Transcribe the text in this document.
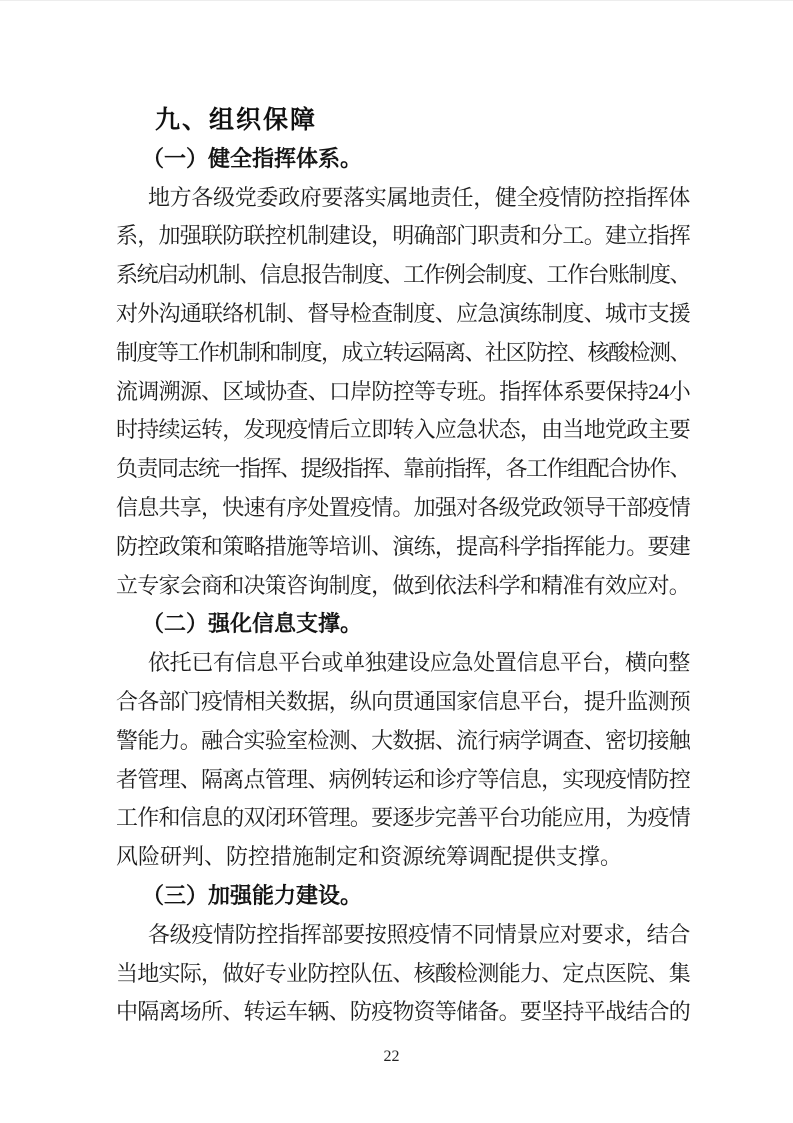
九、组织保障
（一）健全指挥体系。
地方各级党委政府要落实属地责任，健全疫情防控指挥体
系，加强联防联控机制建设，明确部门职责和分工。建立指挥
系统启动机制、信息报告制度、工作例会制度、工作台账制度、
对外沟通联络机制、督导检查制度、应急演练制度、城市支援
制度等工作机制和制度，成立转运隔离、社区防控、核酸检测、
流调溯源、区域协查、口岸防控等专班。指挥体系要保持24小
时持续运转，发现疫情后立即转入应急状态，由当地党政主要
负责同志统一指挥、提级指挥、靠前指挥，各工作组配合协作、
信息共享，快速有序处置疫情。加强对各级党政领导干部疫情
防控政策和策略措施等培训、演练，提高科学指挥能力。要建
立专家会商和决策咨询制度，做到依法科学和精准有效应对。
（二）强化信息支撑。
依托已有信息平台或单独建设应急处置信息平台，横向整
合各部门疫情相关数据，纵向贯通国家信息平台，提升监测预
警能力。融合实验室检测、大数据、流行病学调查、密切接触
者管理、隔离点管理、病例转运和诊疗等信息，实现疫情防控
工作和信息的双闭环管理。要逐步完善平台功能应用，为疫情
风险研判、防控措施制定和资源统筹调配提供支撑。
（三）加强能力建设。
各级疫情防控指挥部要按照疫情不同情景应对要求，结合
当地实际，做好专业防控队伍、核酸检测能力、定点医院、集
中隔离场所、转运车辆、防疫物资等储备。要坚持平战结合的
22
